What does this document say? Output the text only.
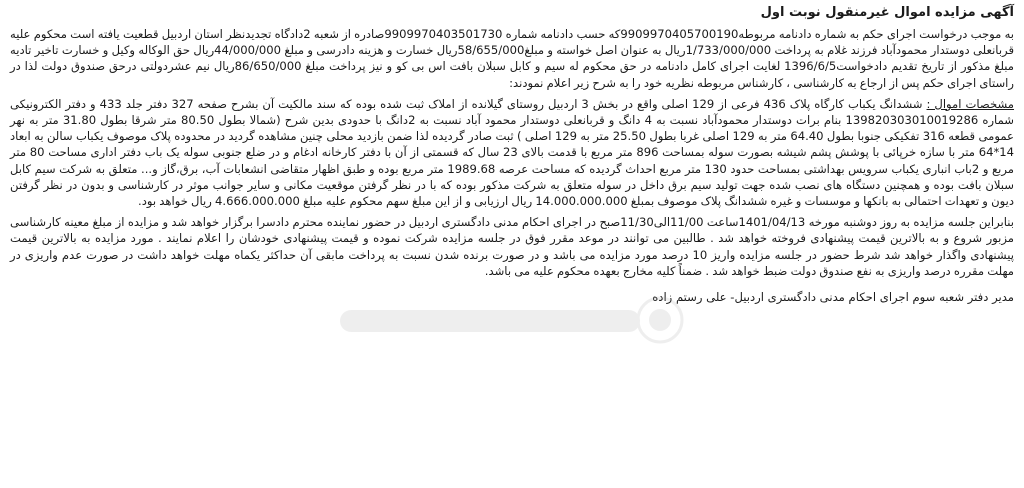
آگهی مزایده اموال غیرمنقول نوبت اول

به موجب درخواست اجرای حکم به شماره دادنامه مربوطه9909970405700190که حسب دادنامه شماره 9909970403501730صادره از شعبه 2دادگاه تجدیدنظر استان اردبیل قطعیت یافته است محکوم علیه قربانعلی دوستدار محمودآباد فرزند غلام به پرداخت 1/733/000/000ریال به عنوان اصل خواسته و مبلغ58/655/000ریال خسارت و هزینه دادرسی و مبلغ 44/000/000ریال حق الوکاله وکیل و خسارت تاخیر تادیه مبلغ مذکور از تاریخ تقدیم دادخواست1396/6/5 لغایت اجرای کامل دادنامه در حق محکوم له سیم و کابل سبلان بافت اس بی کو و نیز پرداخت مبلغ 86/650/000ریال نیم عشردولتی درحق صندوق دولت لذا در راستای اجرای حکم پس از ارجاع به کارشناسی ، کارشناس مربوطه نظریه خود را به شرح زیر اعلام نمودند:

مشخصات اموال : ششدانگ یکباب کارگاه پلاک 436 فرعی از 129 اصلی واقع در بخش 3 اردبیل روستای گیلانده از املاک ثبت شده بوده که سند مالکیت آن بشرح صفحه 327 دفتر جلد 433 و دفتر الکترونیکی شماره 13982030301001928‌6 بنام برات دوستدار محمودآباد نسبت به 4 دانگ و قربانعلی دوستدار محمود آباد نسبت به 2دانگ با حدودی بدین شرح (شمالا بطول 80.50 متر شرقا بطول 31.80 متر به نهر عمومی قطعه 316 تفکیکی جنوبا بطول 64.40 متر به 129 اصلی غربا بطول 25.50 متر به 129 اصلی ) ثبت صادر گردیده لذا ضمن بازدید محلی چنین مشاهده گردید در محدوده پلاک موصوف یکباب سالن به ابعاد 14*64 متر با سازه خرپائی با پوشش پشم شیشه بصورت سوله بمساحت 896 متر مربع با قدمت بالای 23 سال که قسمتی از آن با دفتر کارخانه ادغام و در ضلع جنوبی سوله یک باب دفتر اداری مساحت 80 متر مربع و 2باب انباری یکباب سرویس بهداشتی بمساحت حدود 130 متر مربع احداث گردیده که مساحت عرصه 1989.68 متر مربع بوده و طبق اظهار متقاضی انشعابات آب، برق،گاز و... متعلق به شرکت سیم کابل سبلان بافت بوده و همچنین دستگاه های نصب شده جهت تولید سیم برق داخل در سوله متعلق به شرکت مذکور بوده که با در نظر گرفتن موقعیت مکانی و سایر جوانب موثر در کارشناسی و بدون در نظر گرفتن دیون و تعهدات احتمالی به بانکها و موسسات و غیره ششدانگ پلاک موصوف بمبلغ 14.000.000.000 ریال ارزیابی و از این مبلغ سهم محکوم علیه مبلغ 4.666.000.000 ریال خواهد بود.

بنابراین جلسه مزایده به روز دوشنبه مورخه 1401/04/13ساعت 11/00الی11/30صبح در اجرای احکام مدنی دادگستری اردبیل در حضور نماینده محترم دادسرا برگزار خواهد شد و مزایده از مبلغ معینه کارشناسی مزبور شروع و به بالاترین قیمت پیشنهادی فروخته خواهد شد . طالبین می توانند در موعد مقرر فوق در جلسه مزایده شرکت نموده و قیمت پیشنهادی خودشان را اعلام نمایند . مورد مزایده به بالاترین قیمت پیشنهادی واگذار خواهد شد شرط حضور در جلسه مزایده واریز 10 درصد مورد مزایده می باشد و در صورت برنده شدن نسبت به پرداخت مابقی آن حداکثر یکماه مهلت خواهد داشت در صورت عدم واریزی در مهلت مقرره درصد واریزی به نفع صندوق دولت ضبط خواهد شد . ضمناً کلیه مخارج بعهده محکوم علیه می باشد.

مدیر دفتر شعبه سوم اجرای احکام مدنی دادگستری اردبیل- علی رستم زاده
